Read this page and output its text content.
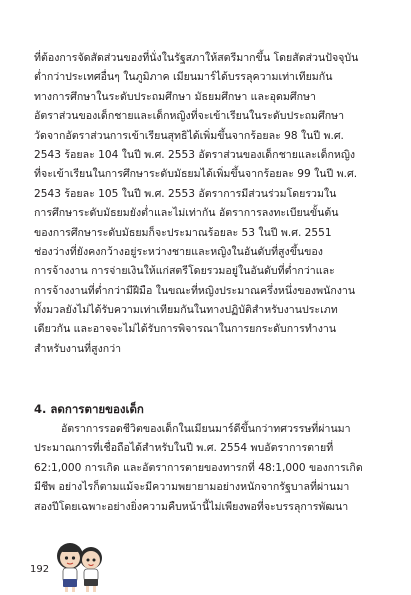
ที่ต้องการจัดสัดส่วนของที่นั่งในรัฐสภาให้สตรีมากขึ้น โดยสัดส่วนปัจจุบัน
ต่ำกว่าประเทศอื่นๆ ในภูมิภาค เมียนมาร์ได้บรรลุความเท่าเทียมกัน
ทางการศึกษาในระดับประถมศึกษา มัธยมศึกษา และอุดมศึกษา
อัตราส่วนของเด็กชายและเด็กหญิงที่จะเข้าเรียนในระดับประถมศึกษา
วัดจากอัตราส่วนการเข้าเรียนสุทธิได้เพิ่มขึ้นจากร้อยละ 98 ในปี พ.ศ.
2543 ร้อยละ 104 ในปี พ.ศ. 2553 อัตราส่วนของเด็กชายและเด็กหญิง
ที่จะเข้าเรียนในการศึกษาระดับมัธยมได้เพิ่มขึ้นจากร้อยละ 99 ในปี พ.ศ.
2543 ร้อยละ 105 ในปี พ.ศ. 2553 อัตราการมีส่วนร่วมโดยรวมใน
การศึกษาระดับมัธยมยังต่ำและไม่เท่ากัน อัตราการลงทะเบียนขั้นต้น
ของการศึกษาระดับมัธยมก็จะประมาณร้อยละ 53 ในปี พ.ศ. 2551
ช่องว่างที่ยังคงกว้างอยู่ระหว่างชายและหญิงในอันดับที่สูงขึ้นของ
การจ้างงาน การจ่ายเงินให้แก่สตรีโดยรวมอยู่ในอันดับที่ต่ำกว่าและ
การจ้างงานที่ต่ำกว่ามีฝีมือ ในขณะที่หญิงประมาณครึ่งหนึ่งของพนักงาน
ทั้งมวลยังไม่ได้รับความเท่าเทียมกันในทางปฏิบัติสำหรับงานประเภท
เดียวกัน และอาจจะไม่ได้รับการพิจารณาในการยกระดับการทำงาน
สำหรับงานที่สูงกว่า
4. ลดการตายของเด็ก
อัตราการรอดชีวิตของเด็กในเมียนมาร์ดีขึ้นกว่าทศวรรษที่ผ่านมา
ประมาณการที่เชื่อถือได้สำหรับในปี พ.ศ. 2554 พบอัตราการตายที่
62:1,000 การเกิด และอัตราการตายของทารกที่ 48:1,000 ของการเกิด
มีชีพ อย่างไรก็ตามแม้จะมีความพยายามอย่างหนักจากรัฐบาลที่ผ่านมา
สองปีโดยเฉพาะอย่างยิ่งความคืบหน้านี้ไม่เพียงพอที่จะบรรลุการพัฒนา
192
